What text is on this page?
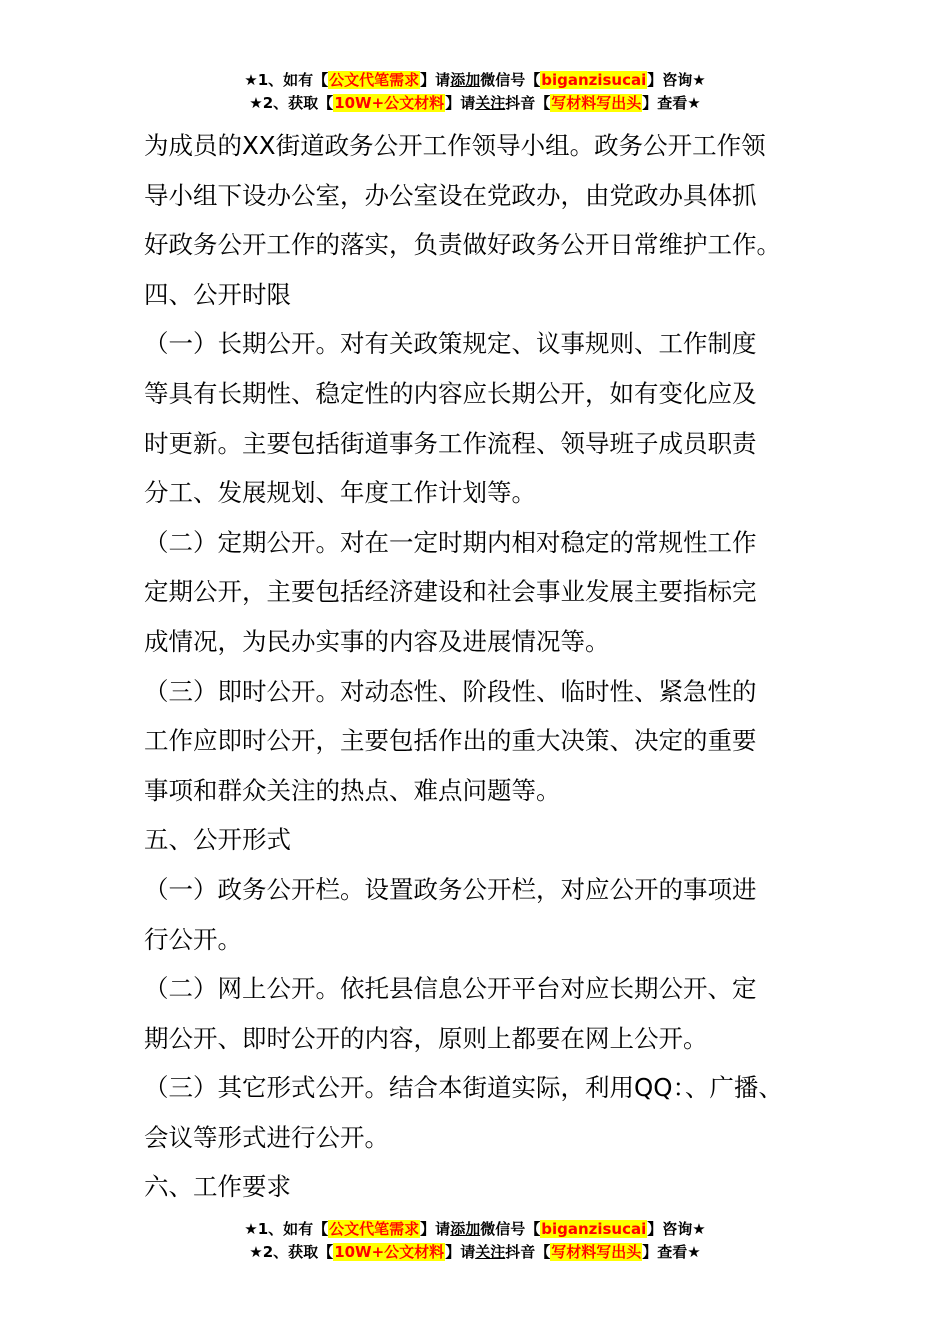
★1、如有【公文代笔需求】请添加微信号【biganzisucai】咨询★
★2、获取【10W+公文材料】请关注抖音【写材料写出头】查看★

为成员的XX街道政务公开工作领导小组。政务公开工作领

导小组下设办公室，办公室设在党政办，由党政办具体抓

好政务公开工作的落实，负责做好政务公开日常维护工作。

四、公开时限

（一）长期公开。对有关政策规定、议事规则、工作制度

等具有长期性、稳定性的内容应长期公开，如有变化应及

时更新。主要包括街道事务工作流程、领导班子成员职责

分工、发展规划、年度工作计划等。

（二）定期公开。对在一定时期内相对稳定的常规性工作

定期公开，主要包括经济建设和社会事业发展主要指标完

成情况，为民办实事的内容及进展情况等。

（三）即时公开。对动态性、阶段性、临时性、紧急性的

工作应即时公开，主要包括作出的重大决策、决定的重要

事项和群众关注的热点、难点问题等。

五、公开形式

（一）政务公开栏。设置政务公开栏，对应公开的事项进

行公开。

（二）网上公开。依托县信息公开平台对应长期公开、定

期公开、即时公开的内容，原则上都要在网上公开。

（三）其它形式公开。结合本街道实际，利用QQ：、广播、

会议等形式进行公开。

六、工作要求

★1、如有【公文代笔需求】请添加微信号【biganzisucai】咨询★
★2、获取【10W+公文材料】请关注抖音【写材料写出头】查看★
